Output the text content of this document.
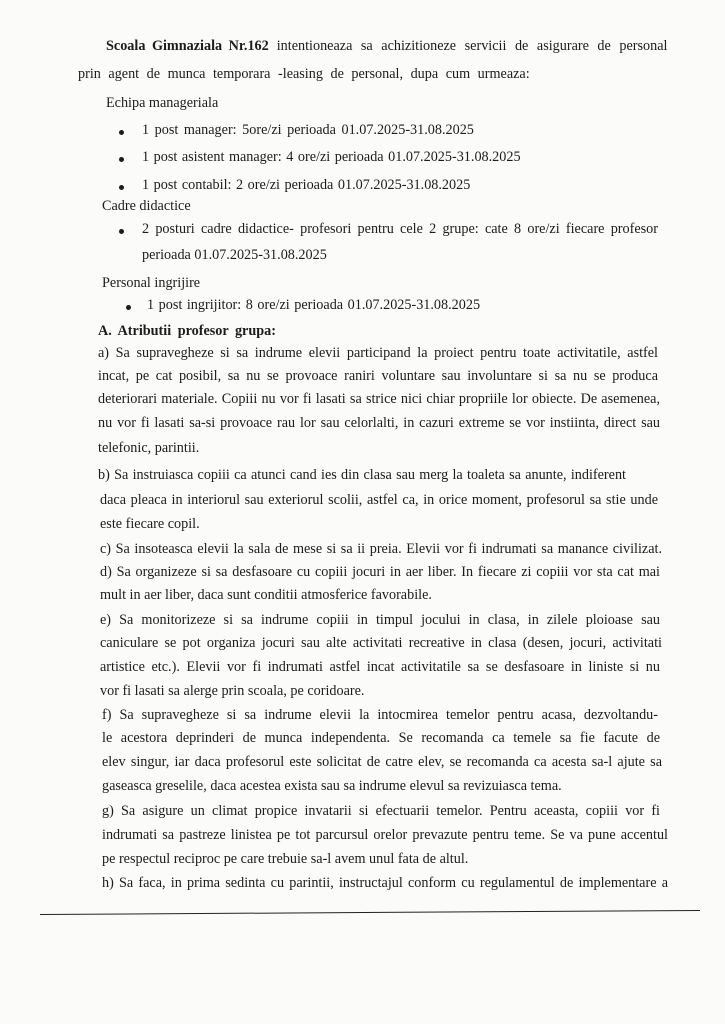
Scoala Gimnaziala Nr.162 intentioneaza sa achizitioneze servicii de asigurare de personal
prin agent de munca temporara -leasing de personal, dupa cum urmeaza:
Echipa manageriala
1 post manager: 5ore/zi perioada 01.07.2025-31.08.2025
1 post asistent manager: 4 ore/zi perioada 01.07.2025-31.08.2025
1 post contabil: 2 ore/zi perioada 01.07.2025-31.08.2025
Cadre didactice
2 posturi cadre didactice- profesori pentru cele 2 grupe: cate 8 ore/zi fiecare profesor
perioada 01.07.2025-31.08.2025
Personal ingrijire
1 post ingrijitor: 8 ore/zi perioada 01.07.2025-31.08.2025
A. Atributii profesor grupa:
a) Sa supravegheze si sa indrume elevii participand la proiect pentru toate activitatile, astfel
incat, pe cat posibil, sa nu se provoace raniri voluntare sau involuntare si sa nu se produca
deteriorari materiale. Copiii nu vor fi lasati sa strice nici chiar propriile lor obiecte. De asemenea,
nu vor fi lasati sa-si provoace rau lor sau celorlalti, in cazuri extreme se vor instiinta, direct sau
telefonic, parintii.
b) Sa instruiasca copiii ca atunci cand ies din clasa sau merg la toaleta sa anunte, indiferent
daca pleaca in interiorul sau exteriorul scolii, astfel ca, in orice moment, profesorul sa stie unde
este fiecare copil.
c) Sa insoteasca elevii la sala de mese si sa ii preia. Elevii vor fi indrumati sa manance civilizat.
d) Sa organizeze si sa desfasoare cu copiii jocuri in aer liber. In fiecare zi copiii vor sta cat mai
mult in aer liber, daca sunt conditii atmosferice favorabile.
e) Sa monitorizeze si sa indrume copiii in timpul jocului in clasa, in zilele ploioase sau
caniculare se pot organiza jocuri sau alte activitati recreative in clasa (desen, jocuri, activitati
artistice etc.). Elevii vor fi indrumati astfel incat activitatile sa se desfasoare in liniste si nu
vor fi lasati sa alerge prin scoala, pe coridoare.
f) Sa supravegheze si sa indrume elevii la intocmirea temelor pentru acasa, dezvoltandu-
le acestora deprinderi de munca independenta. Se recomanda ca temele sa fie facute de
elev singur, iar daca profesorul este solicitat de catre elev, se recomanda ca acesta sa-l ajute sa
gaseasca greselile, daca acestea exista sau sa indrume elevul sa revizuiasca tema.
g) Sa asigure un climat propice invatarii si efectuarii temelor. Pentru aceasta, copiii vor fi
indrumati sa pastreze linistea pe tot parcursul orelor prevazute pentru teme. Se va pune accentul
pe respectul reciproc pe care trebuie sa-l avem unul fata de altul.
h) Sa faca, in prima sedinta cu parintii, instructajul conform cu regulamentul de implementare a
